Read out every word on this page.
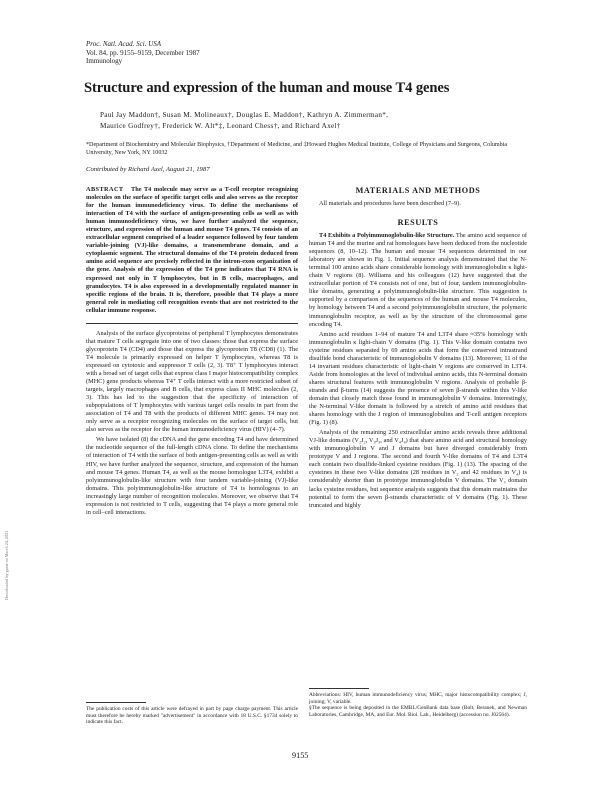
Proc. Natl. Acad. Sci. USA
Vol. 84, pp. 9155–9159, December 1987
Immunology
Structure and expression of the human and mouse T4 genes
Paul Jay Maddon†, Susan M. Molineaux†, Douglas E. Maddon†, Kathryn A. Zimmerman*,
Maurice Godfrey†, Frederick W. Alt*‡, Leonard Chess†, and Richard Axel†
*Department of Biochemistry and Molecular Biophysics, †Department of Medicine, and ‡Howard Hughes Medical Institute, College of Physicians and Surgeons, Columbia University, New York, NY 10032
Contributed by Richard Axel, August 21, 1987
ABSTRACT The T4 molecule may serve as a T-cell receptor recognizing molecules on the surface of specific target cells and also serves as the receptor for the human immunodeficiency virus. To define the mechanisms of interaction of T4 with the surface of antigen-presenting cells as well as with human immunodeficiency virus, we have further analyzed the sequence, structure, and expression of the human and mouse T4 genes. T4 consists of an extracellular segment comprised of a leader sequence followed by four tandem variable-joining (VJ)-like domains, a transmembrane domain, and a cytoplasmic segment. The structural domains of the T4 protein deduced from amino acid sequence are precisely reflected in the intron-exon organization of the gene. Analysis of the expression of the T4 gene indicates that T4 RNA is expressed not only in T lymphocytes, but in B cells, macrophages, and granulocytes. T4 is also expressed in a developmentally regulated manner in specific regions of the brain. It is, therefore, possible that T4 plays a more general role in mediating cell recognition events that are not restricted to the cellular immune response.

Analysis of the surface glycoproteins of peripheral T lymphocytes demonstrates that mature T cells segregate into one of two classes: those that express the surface glycoprotein T4 (CD4) and those that express the glycoprotein T8 (CD8) (1). The T4 molecule is primarily expressed on helper T lymphocytes, whereas T8 is expressed on cytotoxic and suppressor T cells (2, 3). T8⁺ T lymphocytes interact with a broad set of target cells that express class I major histocompatibility complex (MHC) gene products whereas T4⁺ T cells interact with a more restricted subset of targets, largely macrophages and B cells, that express class II MHC molecules (2, 3). This has led to the suggestion that the specificity of interaction of subpopulations of T lymphocytes with various target cells results in part from the association of T4 and T8 with the products of different MHC genes. T4 may not only serve as a receptor recognizing molecules on the surface of target cells, but also serves as the receptor for the human immunodeficiency virus (HIV) (4–7).

We have isolated (8) the cDNA and the gene encoding T4 and have determined the nucleotide sequence of the full-length cDNA clone. To define the mechanisms of interaction of T4 with the surface of both antigen-presenting cells as well as with HIV, we have further analyzed the sequence, structure, and expression of the human and mouse T4 genes. Human T4, as well as the mouse homologue L3T4, exhibit a polyimmunoglobulin-like structure with four tandem variable-joining (VJ)-like domains. This polyimmunoglobulin-like structure of T4 is homologous to an increasingly large number of recognition molecules. Moreover, we observe that T4 expression is not restricted to T cells, suggesting that T4 plays a more general role in cell–cell interactions.

MATERIALS AND METHODS

All materials and procedures have been described (7–9).

RESULTS

T4 Exhibits a Polyimmunoglobulin-like Structure. The amino acid sequence of human T4 and the murine and rat homologues have been deduced from the nucleotide sequences (8, 10–12). The human and mouse T4 sequences determined in our laboratory are shown in Fig. 1. Initial sequence analysis demonstrated that the N-terminal 100 amino acids share considerable homology with immunoglobulin κ light-chain V regions (8). Williams and his colleagues (12) have suggested that the extracellular portion of T4 consists not of one, but of four, tandem immunoglobulin-like domains, generating a polyimmunoglobulin-like structure. This suggestion is supported by a comparison of the sequences of the human and mouse T4 molecules, by homology between T4 and a second polyimmunoglobulin structure, the polymeric immunoglobulin receptor, as well as by the structure of the chromosomal gene encoding T4.

Amino acid residues 1–94 of mature T4 and L3T4 share ≈35% homology with immunoglobulin κ light-chain V domains (Fig. 1). This V-like domain contains two cysteine residues separated by 69 amino acids that form the conserved intrastrand disulfide bond characteristic of immunoglobulin V domains (13). Moreover, 11 of the 14 invariant residues characteristic of light-chain V regions are conserved in L3T4. Aside from homologies at the level of individual amino acids, this N-terminal domain shares structural features with immunoglobulin V regions. Analysis of probable β-strands and β-turns (14) suggests the presence of seven β-strands within this V-like domain that closely match those found in immunoglobulin V domains. Interestingly, the N-terminal V-like domain is followed by a stretch of amino acid residues that shares homology with the J region of immunoglobulins and T-cell antigen receptors (Fig. 1) (8).

Analysis of the remaining 250 extracellular amino acids reveals three additional VJ-like domains (V₂J₂, V₃J₃, and V₄J₄) that share amino acid and structural homology with immunoglobulin V and J domains but have diverged considerably from prototype V and J regions. The second and fourth V-like domains of T4 and L3T4 each contain two disulfide-linked cysteine residues (Fig. 1) (13). The spacing of the cysteines in these two V-like domains (28 residues in V₂ and 42 residues in V₄) is considerably shorter than in prototype immunoglobulin V domains. The V₃ domain lacks cysteine residues, but sequence analysis suggests that this domain maintains the potential to form the seven β-strands characteristic of V domains (Fig. 1). These truncated and highly

The publication costs of this article were defrayed in part by page charge payment. This article must therefore be hereby marked "advertisement" in accordance with 18 U.S.C. §1734 solely to indicate this fact.

Abbreviations: HIV, human immunodeficiency virus; MHC, major histocompatibility complex; J, joining; V, variable.

§The sequence is being deposited in the EMBL/GenBank data base (Bolt, Beranek, and Newman Laboratories, Cambridge, MA, and Eur. Mol. Biol. Lab., Heidelberg) (accession no. J02564).

9155
Downloaded by guest on March 24, 2021
